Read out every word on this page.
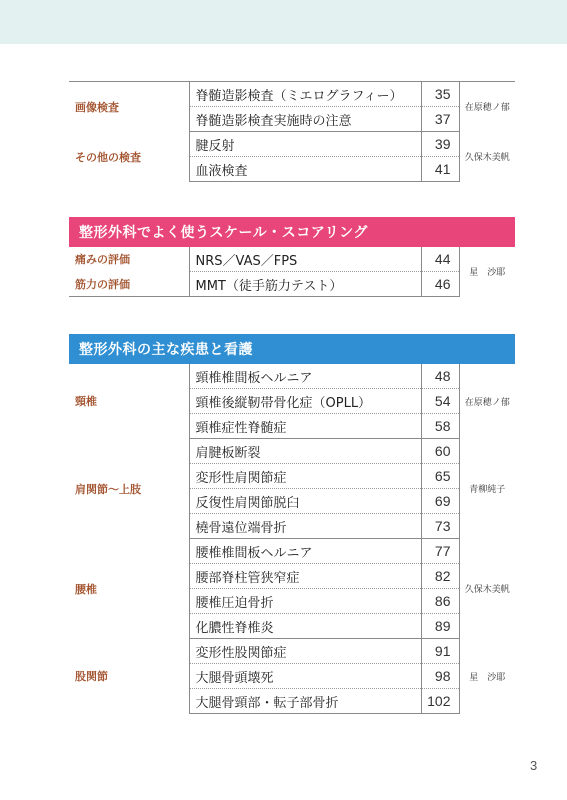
画像検査	脊髄造影検査（ミエログラフィー）	35	在原穂ノ郁
	脊髄造影検査実施時の注意	37	
その他の検査	腱反射	39	久保木美帆
	血液検査	41	
整形外科でよく使うスケール・スコアリング
痛みの評価	NRS／VAS／FPS	44	星　沙耶
筋力の評価	MMT（徒手筋力テスト）	46	
整形外科の主な疾患と看護
頸椎	頸椎椎間板ヘルニア	48	在原穂ノ郁
	頸椎後縦靭帯骨化症（OPLL）	54	
	頸椎症性脊髄症	58	
肩関節～上肢	肩腱板断裂	60	青柳純子
	変形性肩関節症	65	
	反復性肩関節脱臼	69	
	橈骨遠位端骨折	73	
腰椎	腰椎椎間板ヘルニア	77	久保木美帆
	腰部脊柱管狭窄症	82	
	腰椎圧迫骨折	86	
	化膿性脊椎炎	89	
股関節	変形性股関節症	91	星　沙耶
	大腿骨頭壊死	98	
	大腿骨頸部・転子部骨折	102	
3
